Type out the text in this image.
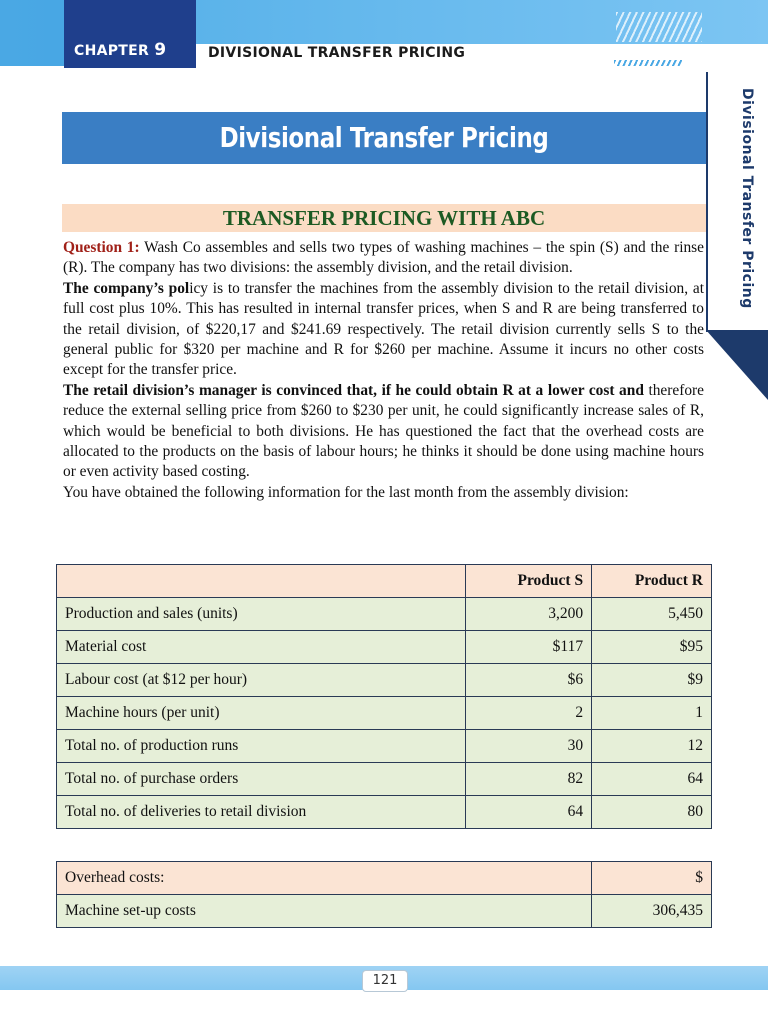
CHAPTER 9	DIVISIONAL TRANSFER PRICING
Divisional Transfer Pricing
Divisional Transfer Pricing
TRANSFER PRICING WITH ABC

Question 1: Wash Co assembles and sells two types of washing machines – the spin (S) and the rinse (R). The company has two divisions: the assembly division, and the retail division.

The company’s policy is to transfer the machines from the assembly division to the retail division, at full cost plus 10%. This has resulted in internal transfer prices, when S and R are being transferred to the retail division, of $220,17 and $241.69 respectively. The retail division currently sells S to the general public for $320 per machine and R for $260 per machine. Assume it incurs no other costs except for the transfer price.

The retail division’s manager is convinced that, if he could obtain R at a lower cost and therefore reduce the external selling price from $260 to $230 per unit, he could significantly increase sales of R, which would be beneficial to both divisions. He has questioned the fact that the overhead costs are allocated to the products on the basis of labour hours; he thinks it should be done using machine hours or even activity based costing.

You have obtained the following information for the last month from the assembly division:

	Product S	Product R
Production and sales (units)	3,200	5,450
Material cost	$117	$95
Labour cost (at $12 per hour)	$6	$9
Machine hours (per unit)	2	1
Total no. of production runs	30	12
Total no. of purchase orders	82	64
Total no. of deliveries to retail division	64	80
Overhead costs:	$
Machine set-up costs	306,435
121
